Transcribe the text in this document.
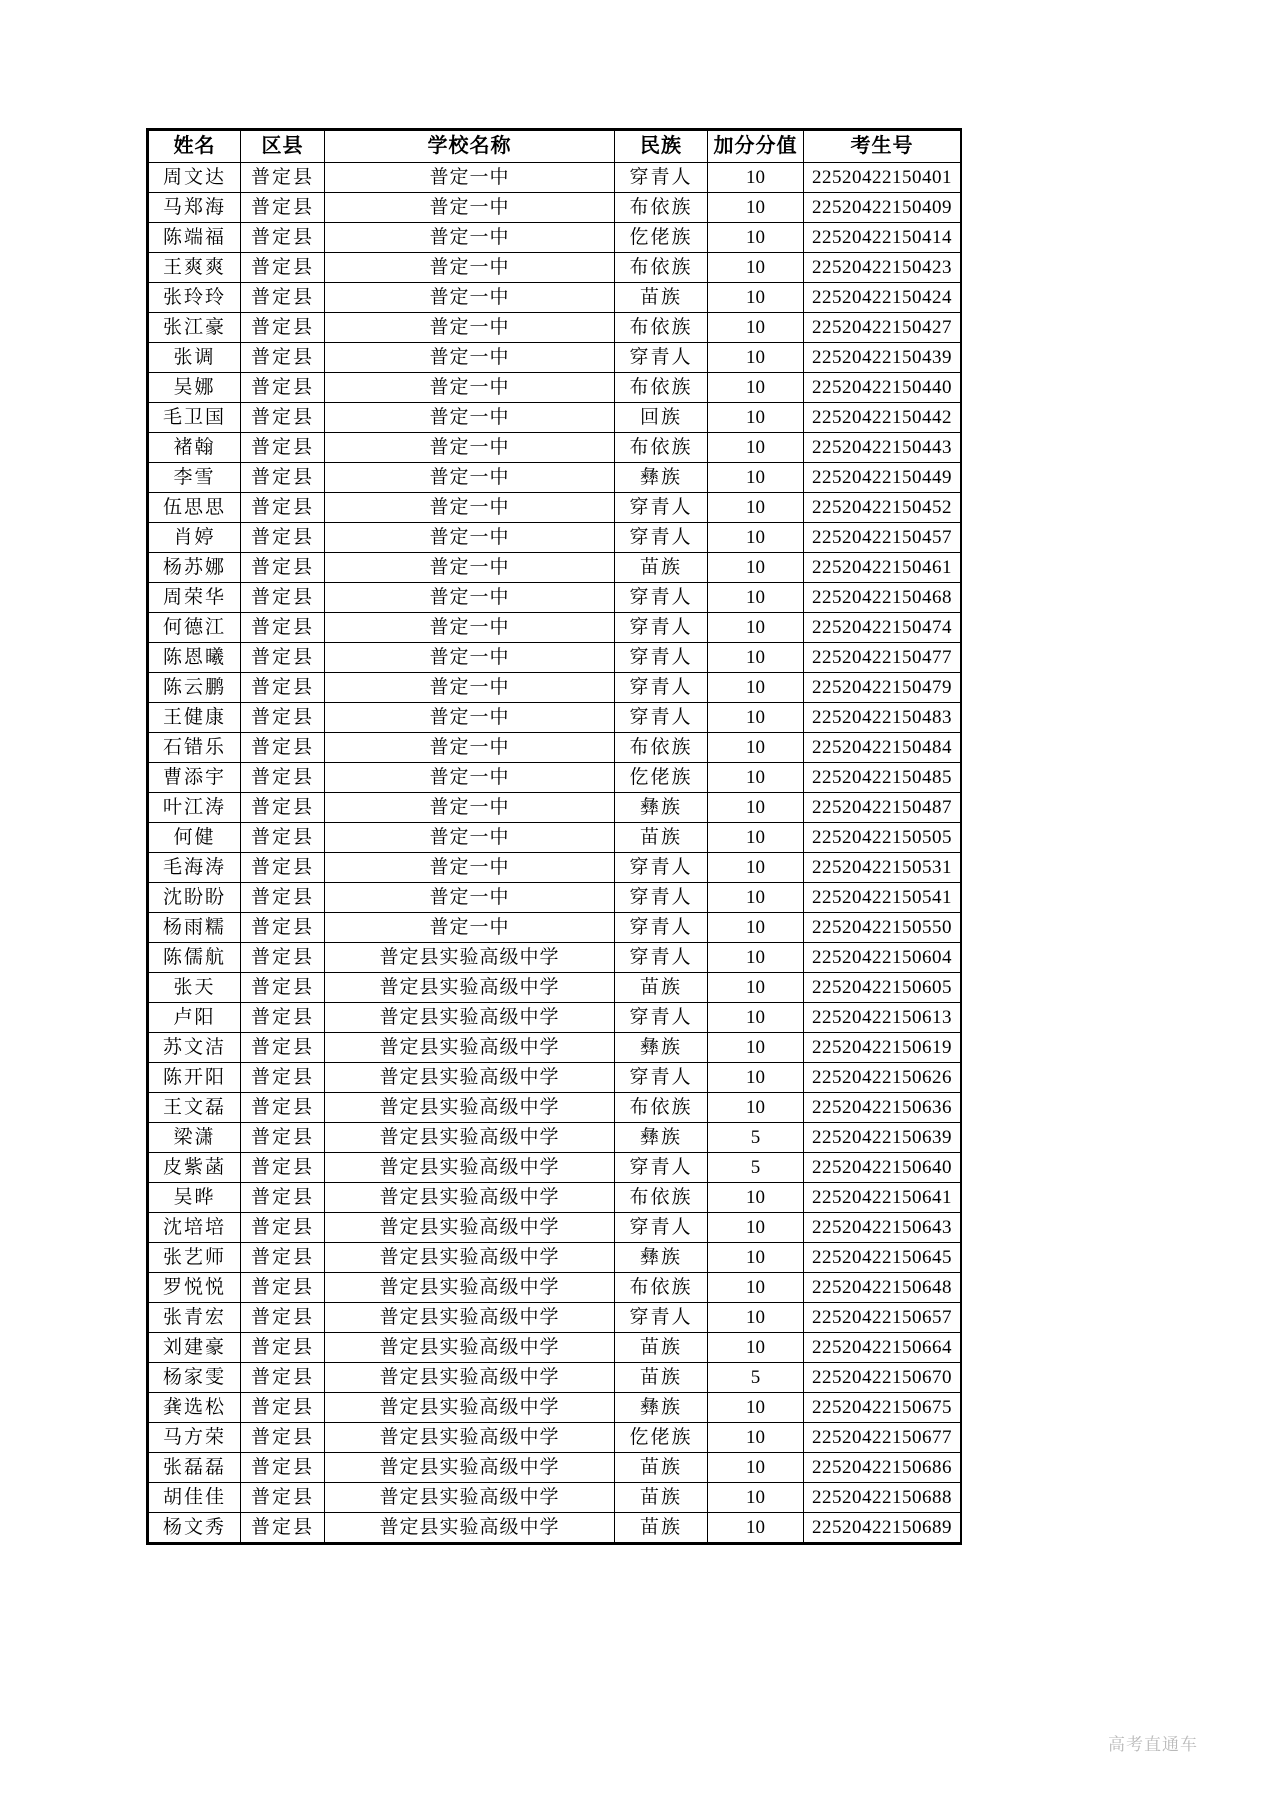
姓名	区县	学校名称	民族	加分分值	考生号
周文达	普定县	普定一中	穿青人	10	22520422150401
马郑海	普定县	普定一中	布依族	10	22520422150409
陈端福	普定县	普定一中	仡佬族	10	22520422150414
王爽爽	普定县	普定一中	布依族	10	22520422150423
张玲玲	普定县	普定一中	苗族	10	22520422150424
张江豪	普定县	普定一中	布依族	10	22520422150427
张调	普定县	普定一中	穿青人	10	22520422150439
吴娜	普定县	普定一中	布依族	10	22520422150440
毛卫国	普定县	普定一中	回族	10	22520422150442
褚翰	普定县	普定一中	布依族	10	22520422150443
李雪	普定县	普定一中	彝族	10	22520422150449
伍思思	普定县	普定一中	穿青人	10	22520422150452
肖婷	普定县	普定一中	穿青人	10	22520422150457
杨苏娜	普定县	普定一中	苗族	10	22520422150461
周荣华	普定县	普定一中	穿青人	10	22520422150468
何德江	普定县	普定一中	穿青人	10	22520422150474
陈恩曦	普定县	普定一中	穿青人	10	22520422150477
陈云鹏	普定县	普定一中	穿青人	10	22520422150479
王健康	普定县	普定一中	穿青人	10	22520422150483
石错乐	普定县	普定一中	布依族	10	22520422150484
曹添宇	普定县	普定一中	仡佬族	10	22520422150485
叶江涛	普定县	普定一中	彝族	10	22520422150487
何健	普定县	普定一中	苗族	10	22520422150505
毛海涛	普定县	普定一中	穿青人	10	22520422150531
沈盼盼	普定县	普定一中	穿青人	10	22520422150541
杨雨糯	普定县	普定一中	穿青人	10	22520422150550
陈儒航	普定县	普定县实验高级中学	穿青人	10	22520422150604
张天	普定县	普定县实验高级中学	苗族	10	22520422150605
卢阳	普定县	普定县实验高级中学	穿青人	10	22520422150613
苏文洁	普定县	普定县实验高级中学	彝族	10	22520422150619
陈开阳	普定县	普定县实验高级中学	穿青人	10	22520422150626
王文磊	普定县	普定县实验高级中学	布依族	10	22520422150636
梁潇	普定县	普定县实验高级中学	彝族	5	22520422150639
皮紫菡	普定县	普定县实验高级中学	穿青人	5	22520422150640
吴晔	普定县	普定县实验高级中学	布依族	10	22520422150641
沈培培	普定县	普定县实验高级中学	穿青人	10	22520422150643
张艺师	普定县	普定县实验高级中学	彝族	10	22520422150645
罗悦悦	普定县	普定县实验高级中学	布依族	10	22520422150648
张青宏	普定县	普定县实验高级中学	穿青人	10	22520422150657
刘建豪	普定县	普定县实验高级中学	苗族	10	22520422150664
杨家雯	普定县	普定县实验高级中学	苗族	5	22520422150670
龚选松	普定县	普定县实验高级中学	彝族	10	22520422150675
马方荣	普定县	普定县实验高级中学	仡佬族	10	22520422150677
张磊磊	普定县	普定县实验高级中学	苗族	10	22520422150686
胡佳佳	普定县	普定县实验高级中学	苗族	10	22520422150688
杨文秀	普定县	普定县实验高级中学	苗族	10	22520422150689
高考直通车
